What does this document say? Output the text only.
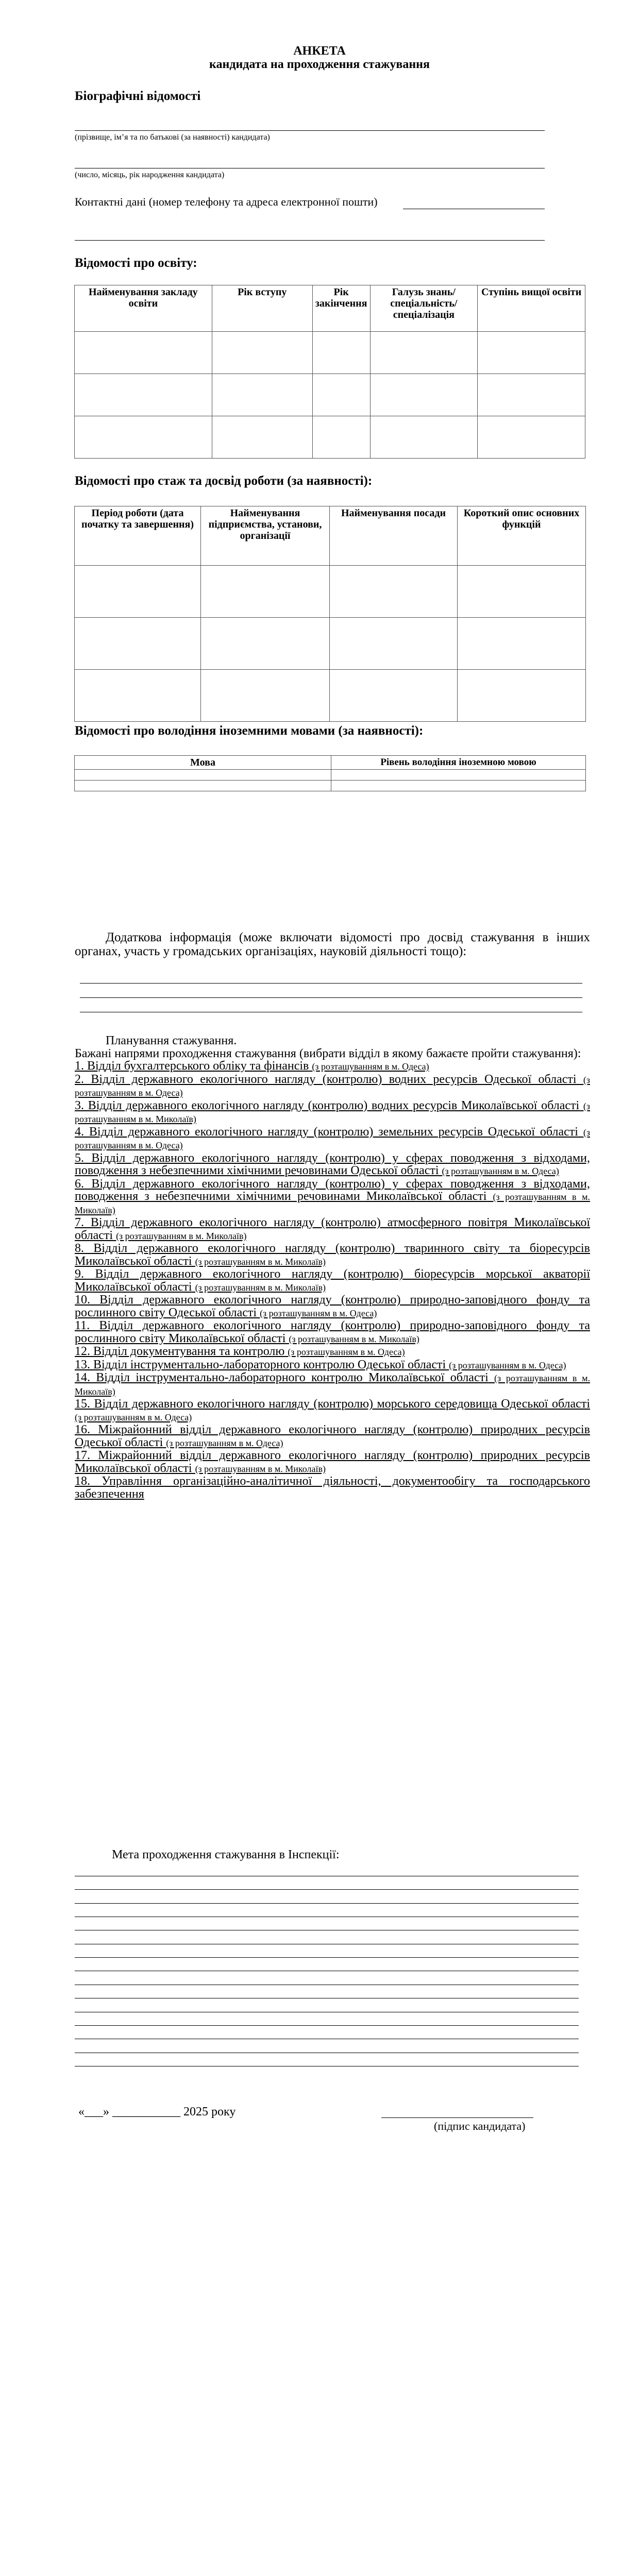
АНКЕТА
кандидата на проходження стажування
Біографічні відомості
(прізвище, ім’я та по батькові (за наявності) кандидата)
(число, місяць, рік народження кандидата)
Контактні дані (номер телефону та адреса електронної пошти)
Відомості про освіту:
Найменування закладу освіти	Рік вступу	Рік закінчення	Галузь знань/ спеціальність/ спеціалізація	Ступінь вищої освіти

Відомості про стаж та досвід роботи (за наявності):
Період роботи (дата початку та завершення)	Найменування підприємства, установи, організації	Найменування посади	Короткий опис основних функцій

Відомості про володіння іноземними мовами (за наявності):
Мова	Рівень володіння іноземною мовою

Додаткова інформація (може включати відомості про досвід стажування в інших органах, участь у громадських організаціях, науковій діяльності тощо):

Планування стажування.

Бажані напрями проходження стажування (вибрати відділ в якому бажаєте пройти стажування):

1. Відділ бухгалтерського обліку та фінансів (з розташуванням в м. Одеса)

2. Відділ державного екологічного нагляду (контролю) водних ресурсів Одеської області (з розташуванням в м. Одеса)

3. Відділ державного екологічного нагляду (контролю) водних ресурсів Миколаївської області (з розташуванням в м. Миколаїв)

4. Відділ державного екологічного нагляду (контролю) земельних ресурсів Одеської області (з розташуванням в м. Одеса)

5. Відділ державного екологічного нагляду (контролю) у сферах поводження з відходами, поводження з небезпечними хімічними речовинами Одеської області (з розташуванням в м. Одеса)

6. Відділ державного екологічного нагляду (контролю) у сферах поводження з відходами, поводження з небезпечними хімічними речовинами Миколаївської області (з розташуванням в м. Миколаїв)

7. Відділ державного екологічного нагляду (контролю) атмосферного повітря Миколаївської області (з розташуванням в м. Миколаїв)

8. Відділ державного екологічного нагляду (контролю) тваринного світу та біоресурсів Миколаївської області (з розташуванням в м. Миколаїв)

9. Відділ державного екологічного нагляду (контролю) біоресурсів морської акваторії Миколаївської області (з розташуванням в м. Миколаїв)

10. Відділ державного екологічного нагляду (контролю) природно-заповідного фонду та рослинного світу Одеської області (з розташуванням в м. Одеса)

11. Відділ державного екологічного нагляду (контролю) природно-заповідного фонду та рослинного світу Миколаївської області (з розташуванням в м. Миколаїв)

12. Відділ документування та контролю (з розташуванням в м. Одеса)

13. Відділ інструментально-лабораторного контролю Одеської області (з розташуванням в м. Одеса)

14. Відділ інструментально-лабораторного контролю Миколаївської області (з розташуванням в м. Миколаїв)

15. Відділ державного екологічного нагляду (контролю) морського середовища Одеської області (з розташуванням в м. Одеса)

16. Міжрайонний відділ державного екологічного нагляду (контролю) природних ресурсів Одеської області (з розташуванням в м. Одеса)

17. Міжрайонний відділ державного екологічного нагляду (контролю) природних ресурсів Миколаївської області (з розташуванням в м. Миколаїв)

18. Управління організаційно-аналітичної діяльності, документообігу та господарського забезпечення

Мета проходження стажування в Інспекції:
«___» ___________ 2025 року
(підпис кандидата)
